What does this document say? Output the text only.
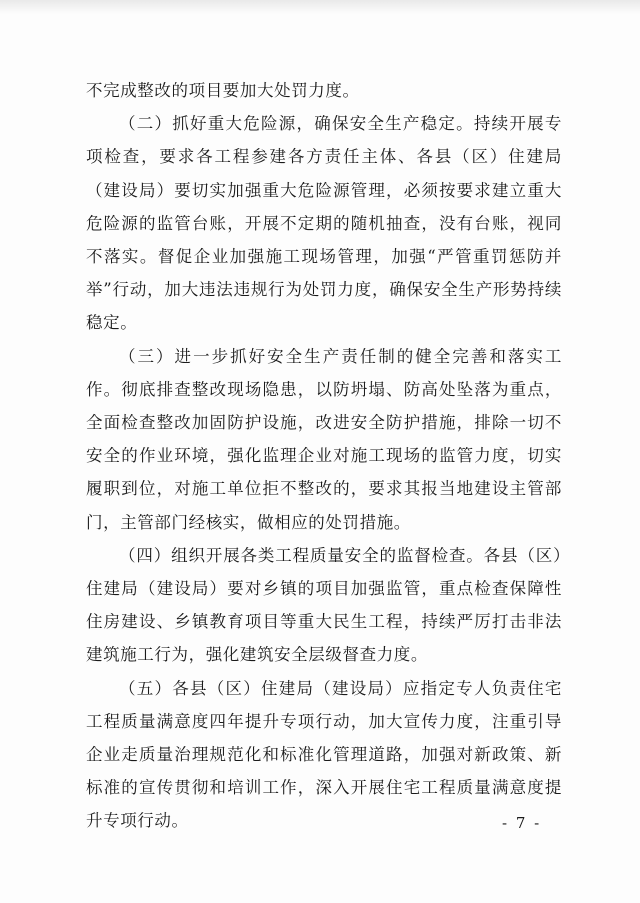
不完成整改的项目要加大处罚力度。

（二）抓好重大危险源，确保安全生产稳定。持续开展专项检查，要求各工程参建各方责任主体、各县（区）住建局（建设局）要切实加强重大危险源管理，必须按要求建立重大危险源的监管台账，开展不定期的随机抽查，没有台账，视同不落实。督促企业加强施工现场管理，加强“严管重罚惩防并举”行动，加大违法违规行为处罚力度，确保安全生产形势持续稳定。

（三）进一步抓好安全生产责任制的健全完善和落实工作。彻底排查整改现场隐患，以防坍塌、防高处坠落为重点，全面检查整改加固防护设施，改进安全防护措施，排除一切不安全的作业环境，强化监理企业对施工现场的监管力度，切实履职到位，对施工单位拒不整改的，要求其报当地建设主管部门，主管部门经核实，做相应的处罚措施。

（四）组织开展各类工程质量安全的监督检查。各县（区）住建局（建设局）要对乡镇的项目加强监管，重点检查保障性住房建设、乡镇教育项目等重大民生工程，持续严厉打击非法建筑施工行为，强化建筑安全层级督查力度。

（五）各县（区）住建局（建设局）应指定专人负责住宅工程质量满意度四年提升专项行动，加大宣传力度，注重引导企业走质量治理规范化和标准化管理道路，加强对新政策、新标准的宣传贯彻和培训工作，深入开展住宅工程质量满意度提升专项行动。	- 7 -
